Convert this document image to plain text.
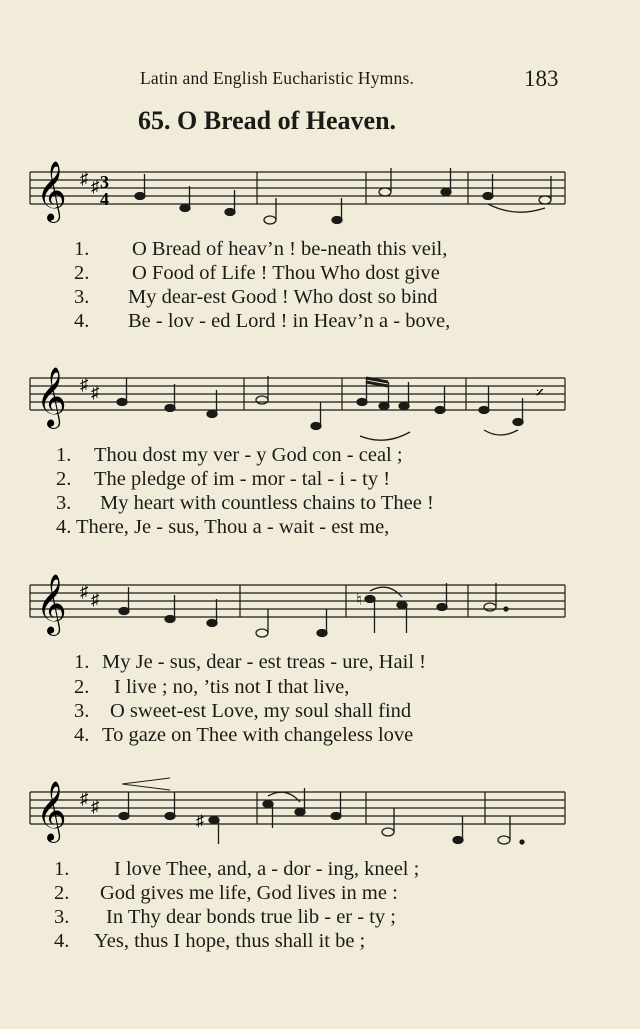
Latin and English Eucharistic Hymns.	183
65. O Bread of Heaven.
𝄞 ♯ ♯ 3
4
1. O Bread of heav’n ! be-neath this veil,
2. O Food of Life ! Thou Who dost give
3. My dear-est Good ! Who dost so bind
4. Be - lov - ed Lord ! in Heav’n a - bove,
𝄞 ♯ ♯	𝄎
1. Thou dost my ver - y God con - ceal ;
2. The pledge of im - mor - tal - i - ty !
3. My heart with countless chains to Thee !
4. There, Je - sus, Thou a - wait - est me,
𝄞 ♯ ♯	♮
1. My Je - sus, dear - est treas - ure, Hail !
2. I live ; no, ’tis not I that live,
3. O sweet-est Love, my soul shall find
4. To gaze on Thee with changeless love
𝄞 ♯ ♯
♯
1. I love Thee, and, a - dor - ing, kneel ;
2. God gives me life, God lives in me :
3. In Thy dear bonds true lib - er - ty ;
4. Yes, thus I hope, thus shall it be ;
